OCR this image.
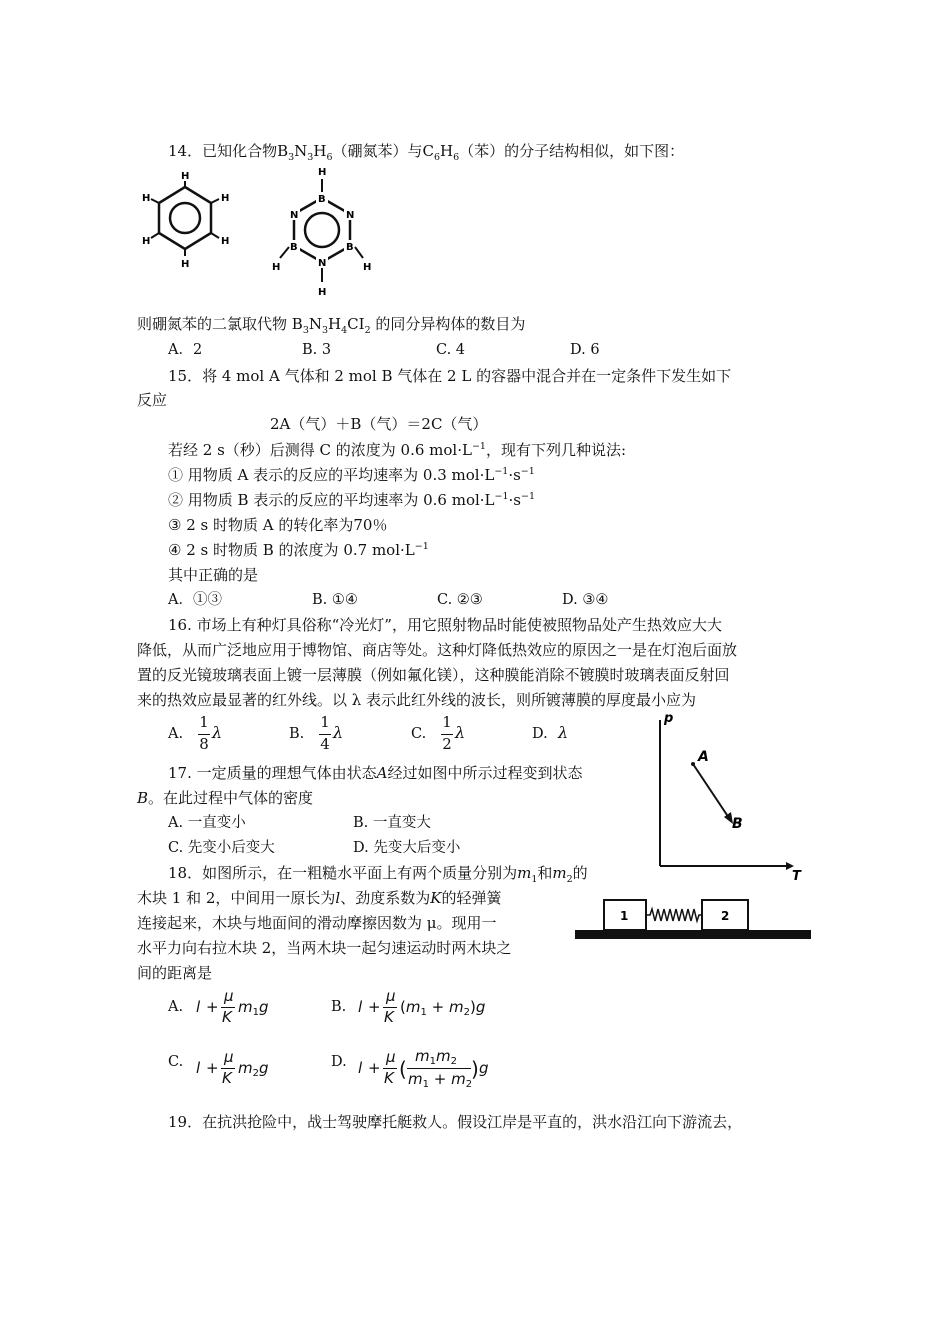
14．已知化合物$B_3N_3H_6$（硼氮苯）与$C_6H_6$（苯）的分子结构相似，如下图：
H
H
H
H
H
H	B
N
B
N
B
N
H
H
H
H
则硼氮苯的二氯取代物 $B_3N_3H_4CI_2$ 的同分异构体的数目为
A．2	B. 3	C. 4	D. 6
15．将 4 mol A 气体和 2 mol B 气体在 2 L 的容器中混合并在一定条件下发生如下
反应
2A（气）＋B（气）＝2C（气）
若经 2 s（秒）后测得 C 的浓度为 0.6 $mol\cdot L^{-1}$，现有下列几种说法:
① 用物质 A 表示的反应的平均速率为 0.3 $mol\cdot L^{-1}\cdot s^{-1}$
② 用物质 B 表示的反应的平均速率为 0.6 $mol\cdot L^{-1}\cdot s^{-1}$
③ 2 s 时物质 A 的转化率为70％
④ 2 s 时物质 B 的浓度为 0.7 $mol\cdot L^{-1}$
其中正确的是
A．①③	B. ①④	C. ②③	D. ③④
16. 市场上有种灯具俗称“冷光灯”，用它照射物品时能使被照物品处产生热效应大大
降低，从而广泛地应用于博物馆、商店等处。这种灯降低热效应的原因之一是在灯泡后面放
置的反光镜玻璃表面上镀一层薄膜（例如氟化镁），这种膜能消除不镀膜时玻璃表面反射回
来的热效应最显著的红外线。以 λ 表示此红外线的波长，则所镀薄膜的厚度最小应为
A.
1
8
λ	B.
1
4
λ	C.
1
2
λ	D. λ
17. 一定质量的理想气体由状态A经过如图中所示过程变到状态
B。在此过程中气体的密度
A. 一直变小	B. 一直变大
C. 先变小后变大	D. 先变大后变小
p
T
A
B
18．如图所示，在一粗糙水平面上有两个质量分别为$m_1$和$m_2$的
木块 1 和 2，中间用一原长为l、劲度系数为K的轻弹簧
连接起来，木块与地面间的滑动摩擦因数为 μ。现用一
水平力向右拉木块 2，当两木块一起匀速运动时两木块之
间的距离是
1	2
A. l +
μ
K
$m_1g$	B. l +
μ
K
$(m_1 + m_2)g$
C. l +
μ
K
$m_2g$	D. l +
μ
K (
$m_1m_2$
$m_1 + m_2$
) g
19．在抗洪抢险中，战士驾驶摩托艇救人。假设江岸是平直的，洪水沿江向下游流去，
